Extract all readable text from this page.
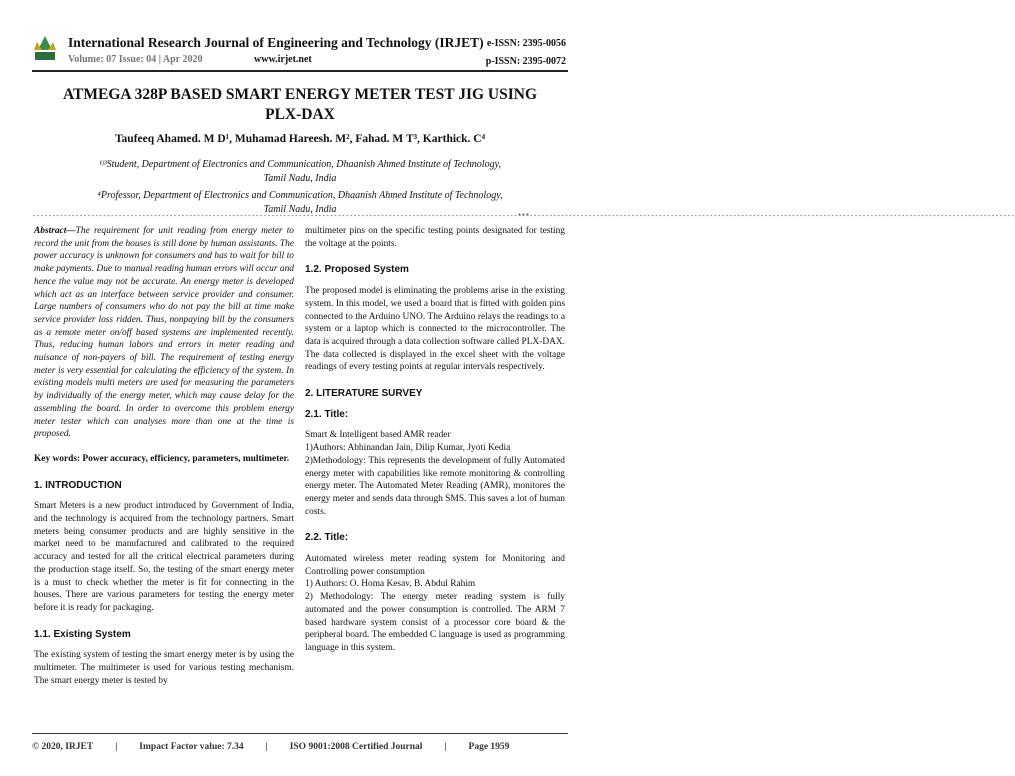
International Research Journal of Engineering and Technology (IRJET)
Volume: 07 Issue: 04 | Apr 2020	www.irjet.net
e-ISSN: 2395-0056
p-ISSN: 2395-0072
ATMEGA 328P BASED SMART ENERGY METER TEST JIG USING
PLX-DAX
Taufeeq Ahamed. M D¹, Muhamad Hareesh. M², Fahad. M T³, Karthick. C⁴
¹ʲ³Student, Department of Electronics and Communication, Dhaanish Ahmed Institute of Technology,
Tamil Nadu, India
⁴Professor, Department of Electronics and Communication, Dhaanish Ahmed Institute of Technology,
Tamil Nadu, India
----------------------------------------------------------------------------------------------------------------------------***----------------------------------------------------------------------------------------------------------------------------

Abstract—The requirement for unit reading from energy meter to record the unit from the houses is still done by human assistants. The power accuracy is unknown for consumers and has to wait for bill to make payments. Due to manual reading human errors will occur and hence the value may not be accurate. An energy meter is developed which act as an interface between service provider and consumer. Large numbers of consumers who do not pay the bill at time make service provider loss ridden. Thus, nonpaying bill by the consumers as a remote meter on/off based systems are implemented recently. Thus, reducing human labors and errors in meter reading and nuisance of non-payers of bill. The requirement of testing energy meter is very essential for calculating the efficiency of the system. In existing models multi meters are used for measuring the parameters by individually of the energy meter, which may cause delay for the assembling the board. In order to overcome this problem energy meter tester which can analyses more than one at the time is proposed.

Key words: Power accuracy, efficiency, parameters, multimeter.

1. INTRODUCTION

Smart Meters is a new product introduced by Government of India, and the technology is acquired from the technology partners. Smart meters being consumer products and are highly sensitive in the market need to be manufactured and calibrated to the required accuracy and tested for all the critical electrical parameters during the production stage itself. So, the testing of the smart energy meter is a must to check whether the meter is fit for connecting in the houses. There are various parameters for testing the energy meter before it is ready for packaging.

1.1. Existing System

The existing system of testing the smart energy meter is by using the multimeter. The multimeter is used for various testing mechanism. The smart energy meter is tested by

multimeter pins on the specific testing points designated for testing the voltage at the points.

1.2. Proposed System

The proposed model is eliminating the problems arise in the existing system. In this model, we used a board that is fitted with golden pins connected to the Arduino UNO. The Arduino relays the readings to a system or a laptop which is connected to the microcontroller. The data is acquired through a data collection software called PLX-DAX. The data collected is displayed in the excel sheet with the voltage readings of every testing points at regular intervals respectively.

2. LITERATURE SURVEY
2.1. Title:

Smart & Intelligent based AMR reader

1)Authors: Abhinandan Jain, Dilip Kumar, Jyoti Kedia

2)Methodology: This represents the development of fully Automated energy meter with capabilities like remote monitoring & controlling energy meter. The Automated Meter Reading (AMR), monitores the energy meter and sends data through SMS. This saves a lot of human costs.

2.2. Title:

Automated wireless meter reading system for Monitoring and Controlling power consumption

1) Authors: O. Homa Kesav, B. Abdul Rahim

2) Methodology: The energy meter reading system is fully automated and the power consumption is controlled. The ARM 7 based hardware system consist of a processor core board & the peripheral board. The embedded C language is used as programming language in this system.

© 2020, IRJET | Impact Factor value: 7.34 | ISO 9001:2008 Certified Journal | Page 1959
